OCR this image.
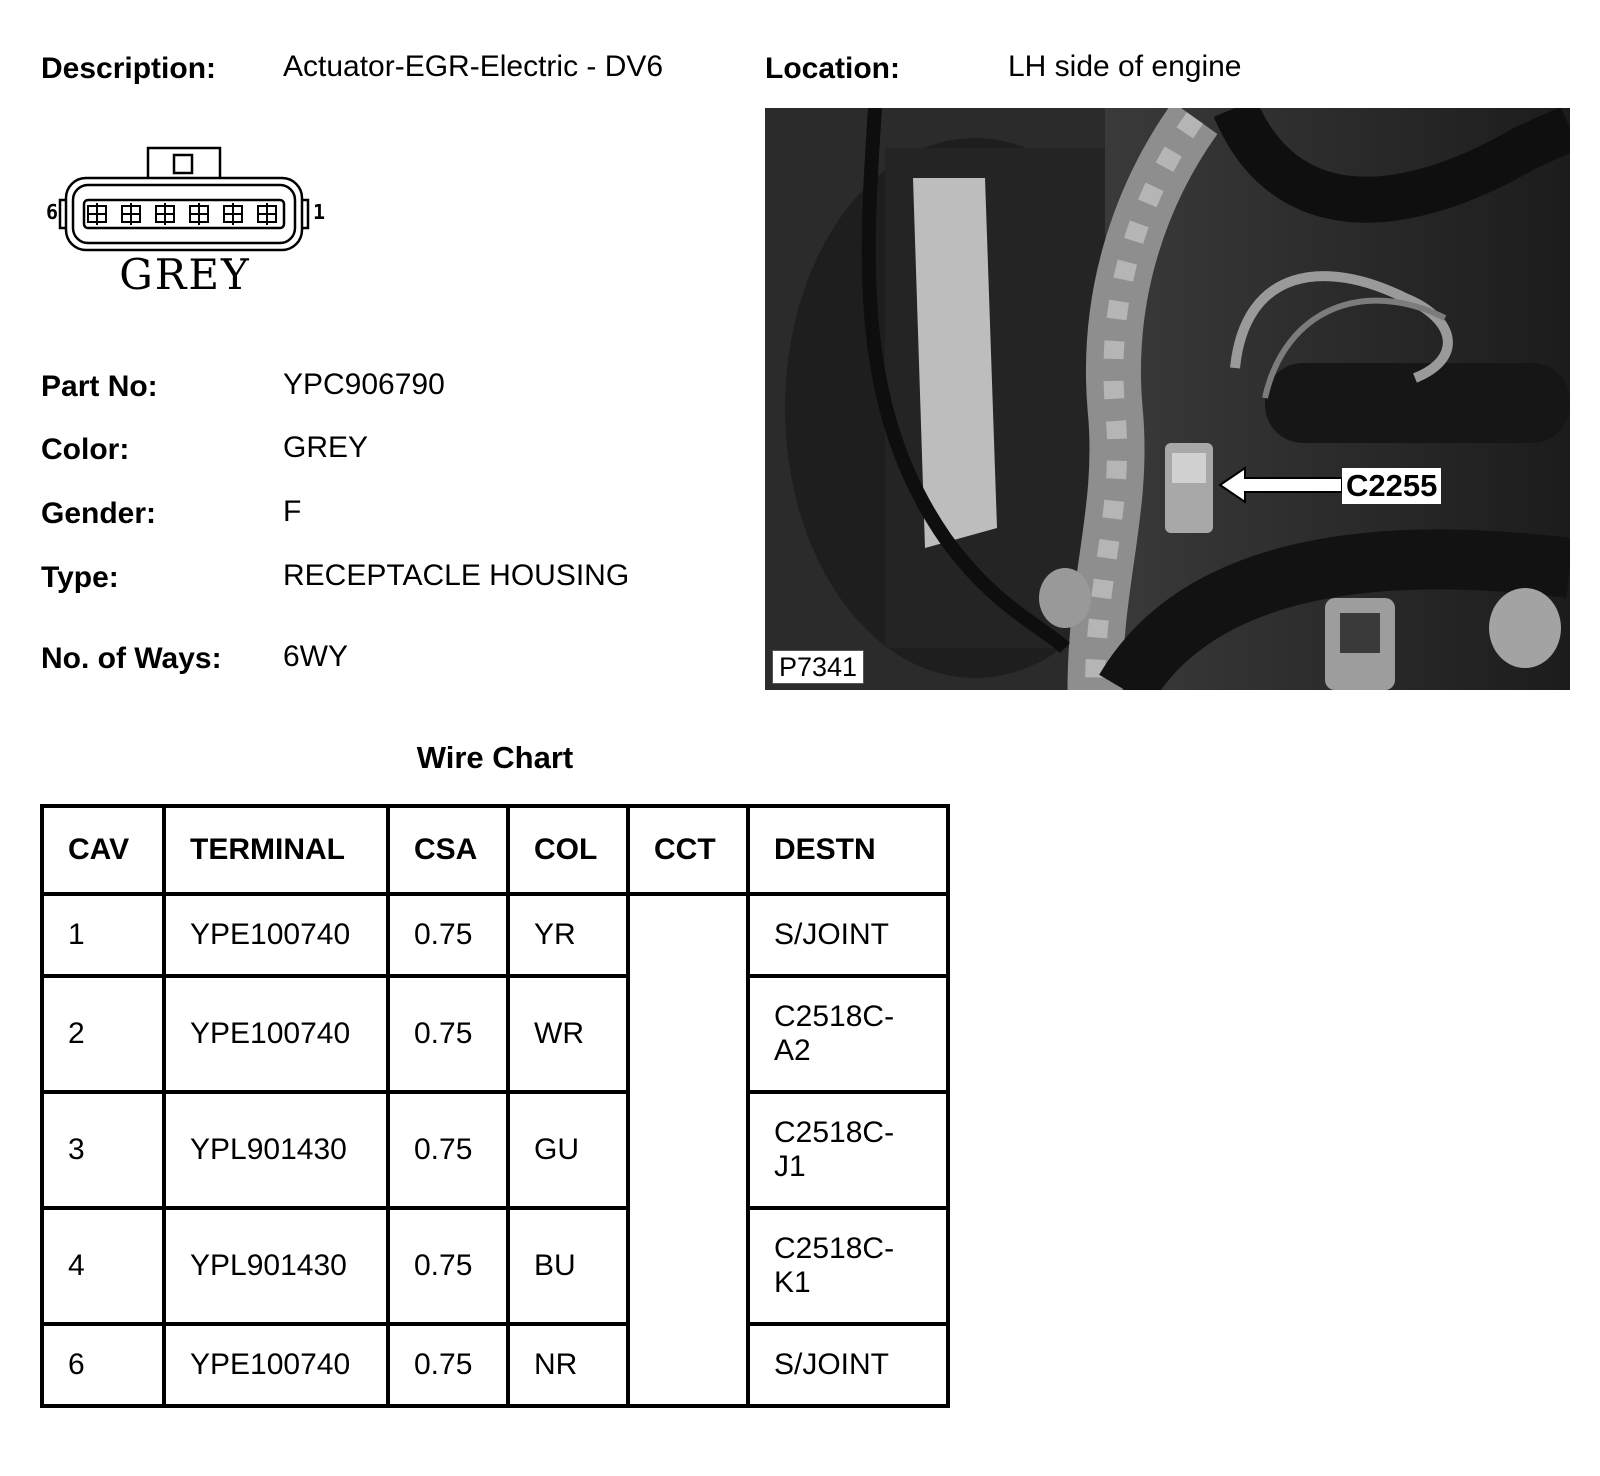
Description: Actuator-EGR-Electric - DV6	Location:	LH side of engine
6	1
GREY
Part No:	YPC906790
Color:	GREY
Gender:	F
Type:	RECEPTACLE HOUSING
No. of Ways: 6WY	P7341
C2255
Wire Chart
CAV	TERMINAL	CSA	COL	CCT	DESTN
1	YPE100740	0.75	YR		S/JOINT
2	YPE100740	0.75	WR		C2518C-
A2
3	YPL901430	0.75	GU		C2518C-
J1
4	YPL901430	0.75	BU		C2518C-
K1
6	YPE100740	0.75	NR		S/JOINT
